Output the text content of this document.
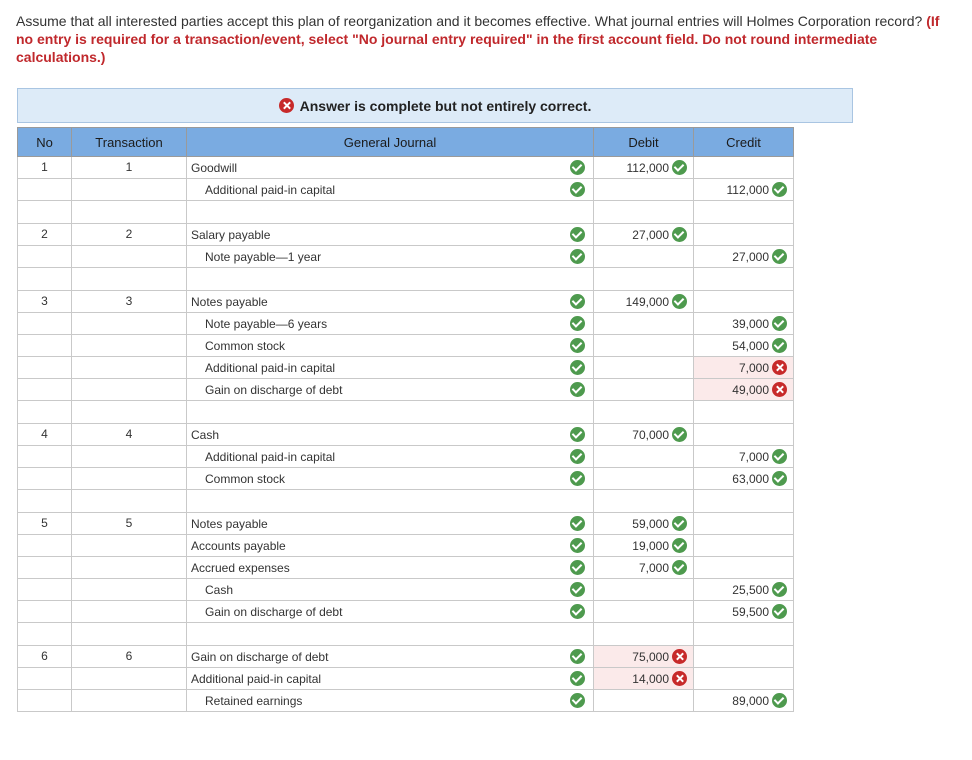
Assume that all interested parties accept this plan of reorganization and it becomes effective. What journal entries will Holmes Corporation record? (If no entry is required for a transaction/event, select "No journal entry required" in the first account field. Do not round intermediate calculations.)
Answer is complete but not entirely correct.
No	Transaction	General Journal	Debit	Credit
1	1	Goodwill	112,000	
		Additional paid-in capital		112,000

2	2	Salary payable	27,000	
		Note payable—1 year		27,000

3	3	Notes payable	149,000	
		Note payable—6 years		39,000
		Common stock		54,000
		Additional paid-in capital		7,000
		Gain on discharge of debt		49,000

4	4	Cash	70,000	
		Additional paid-in capital		7,000
		Common stock		63,000

5	5	Notes payable	59,000	
		Accounts payable	19,000	
		Accrued expenses	7,000	
		Cash		25,500
		Gain on discharge of debt		59,500

6	6	Gain on discharge of debt	75,000	
		Additional paid-in capital	14,000	
		Retained earnings		89,000
